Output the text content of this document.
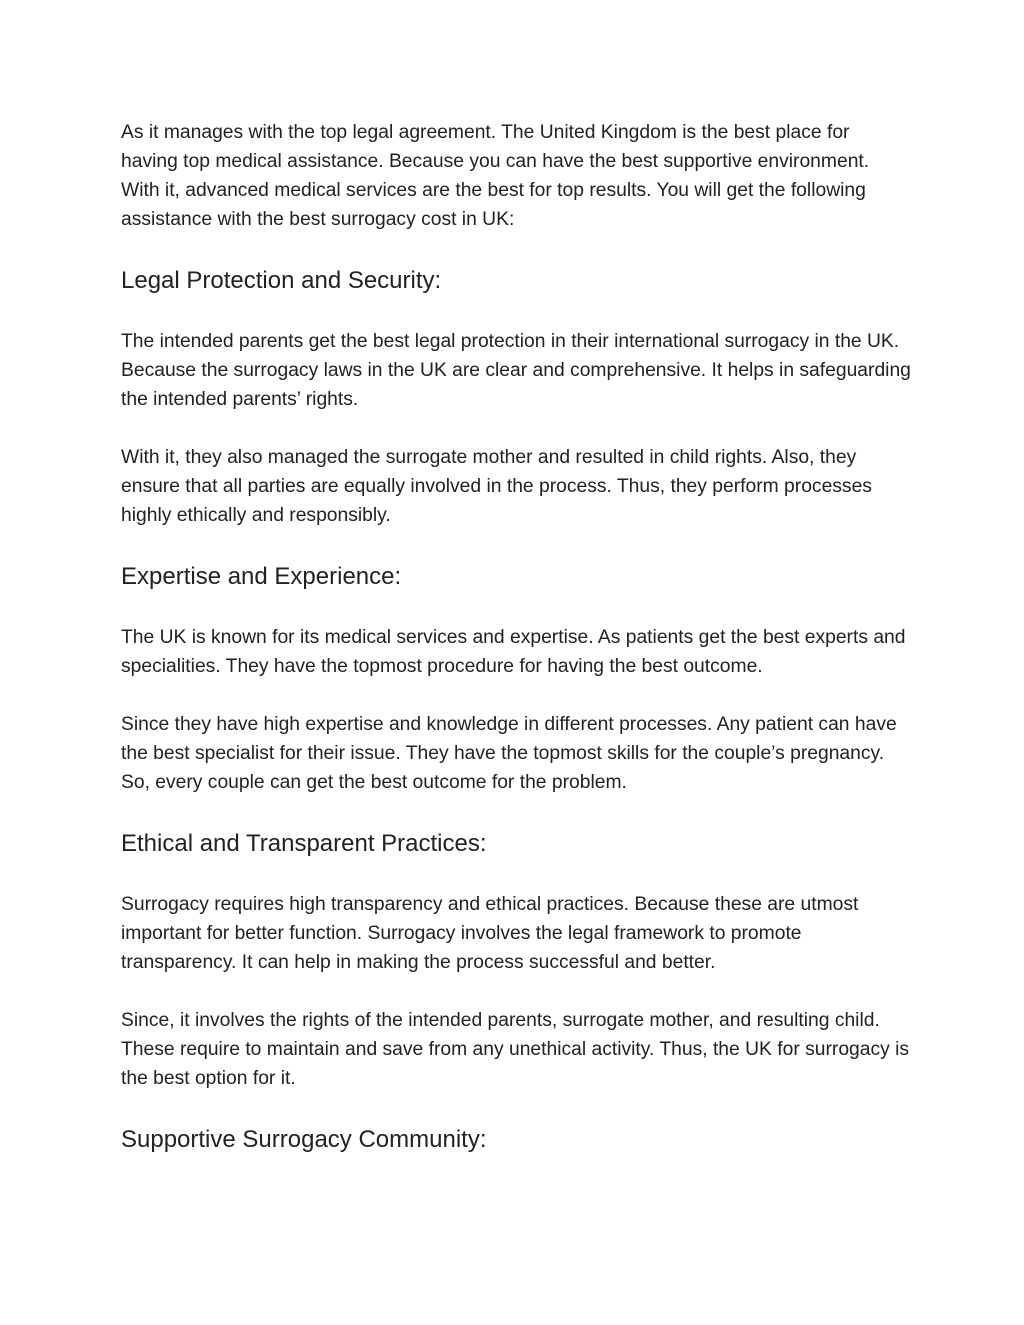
As it manages with the top legal agreement. The United Kingdom is the best place for having top medical assistance. Because you can have the best supportive environment. With it, advanced medical services are the best for top results. You will get the following assistance with the best surrogacy cost in UK:

Legal Protection and Security:

The intended parents get the best legal protection in their international surrogacy in the UK. Because the surrogacy laws in the UK are clear and comprehensive. It helps in safeguarding the intended parents’ rights.

With it, they also managed the surrogate mother and resulted in child rights. Also, they ensure that all parties are equally involved in the process. Thus, they perform processes highly ethically and responsibly.

Expertise and Experience:

The UK is known for its medical services and expertise. As patients get the best experts and specialities. They have the topmost procedure for having the best outcome.

Since they have high expertise and knowledge in different processes. Any patient can have the best specialist for their issue. They have the topmost skills for the couple’s pregnancy. So, every couple can get the best outcome for the problem.

Ethical and Transparent Practices:

Surrogacy requires high transparency and ethical practices. Because these are utmost important for better function. Surrogacy involves the legal framework to promote transparency. It can help in making the process successful and better.

Since, it involves the rights of the intended parents, surrogate mother, and resulting child. These require to maintain and save from any unethical activity. Thus, the UK for surrogacy is the best option for it.

Supportive Surrogacy Community:
